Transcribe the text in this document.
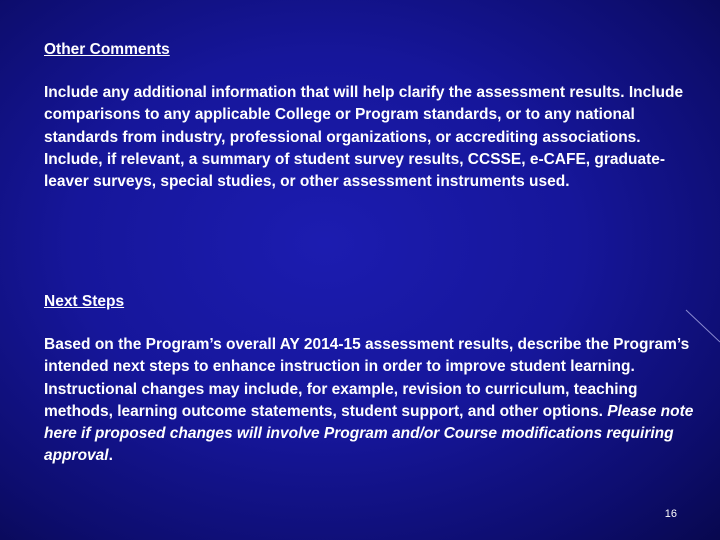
Other Comments

Include any additional information that will help clarify the assessment results. Include comparisons to any applicable College or Program standards, or to any national standards from industry, professional organizations, or accrediting associations. Include, if relevant, a summary of student survey results, CCSSE, e-CAFE, graduate-leaver surveys, special studies, or other assessment instruments used.

Next Steps

Based on the Program’s overall AY 2014-15 assessment results, describe the Program’s intended next steps to enhance instruction in order to improve student learning. Instructional changes may include, for example, revision to curriculum, teaching methods, learning outcome statements, student support, and other options. Please note here if proposed changes will involve Program and/or Course modifications requiring approval.

16
